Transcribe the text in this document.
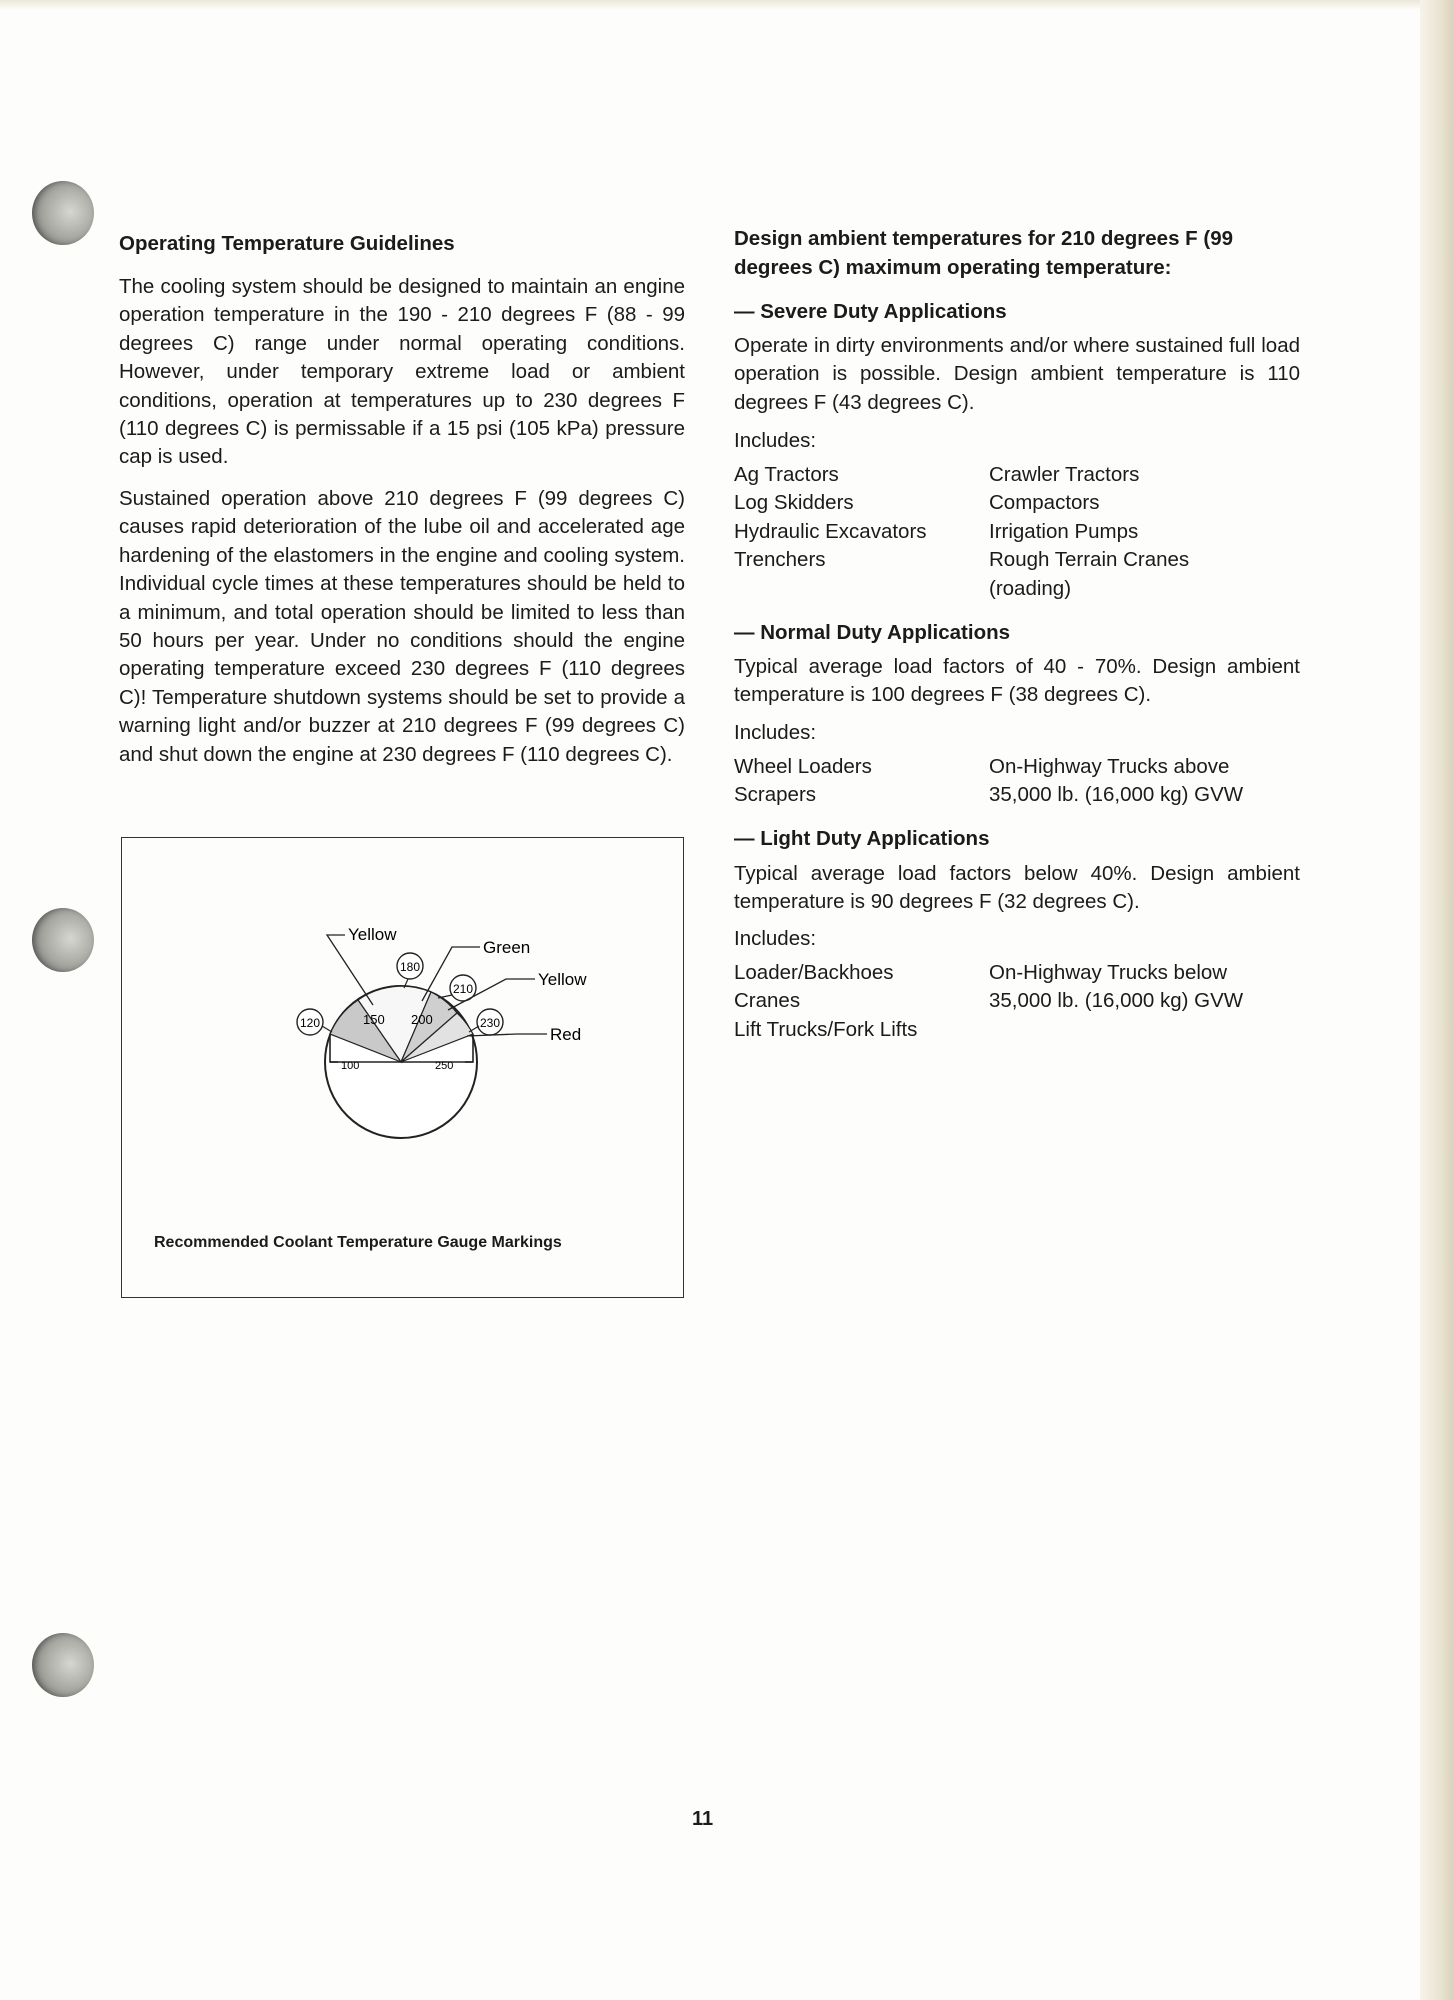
Operating Temperature Guidelines

The cooling system should be designed to maintain an engine operation temperature in the 190 - 210 degrees F (88 - 99 degrees C) range under normal operating conditions. However, under temporary extreme load or ambient conditions, operation at temperatures up to 230 degrees F (110 degrees C) is permissable if a 15 psi (105 kPa) pressure cap is used.

Sustained operation above 210 degrees F (99 degrees C) causes rapid deterioration of the lube oil and accelerated age hardening of the elastomers in the engine and cooling system. Individual cycle times at these temperatures should be held to a minimum, and total operation should be limited to less than 50 hours per year. Under no conditions should the engine operating temperature exceed 230 degrees F (110 degrees C)! Temperature shutdown systems should be set to provide a warning light and/or buzzer at 210 degrees F (99 degrees C) and shut down the engine at 230 degrees F (110 degrees C).

100
150 200
250
120
180
210
230
Yellow
Green
Yellow
Red

Recommended Coolant Temperature Gauge Markings

Design ambient temperatures for 210 degrees F (99
degrees C) maximum operating temperature:

— Severe Duty Applications

Operate in dirty environments and/or where sustained full load operation is possible. Design ambient temperature is 110 degrees F (43 degrees C).

Includes:

Ag Tractors
Log Skidders
Hydraulic Excavators
Trenchers
Crawler Tractors
Compactors
Irrigation Pumps
Rough Terrain Cranes
(roading)

— Normal Duty Applications

Typical average load factors of 40 - 70%. Design ambient temperature is 100 degrees F (38 degrees C).

Includes:

Wheel Loaders
Scrapers
On-Highway Trucks above
35,000 lb. (16,000 kg) GVW

— Light Duty Applications

Typical average load factors below 40%. Design ambient temperature is 90 degrees F (32 degrees C).

Includes:

Loader/Backhoes
Cranes
Lift Trucks/Fork Lifts
On-Highway Trucks below
35,000 lb. (16,000 kg) GVW
11
